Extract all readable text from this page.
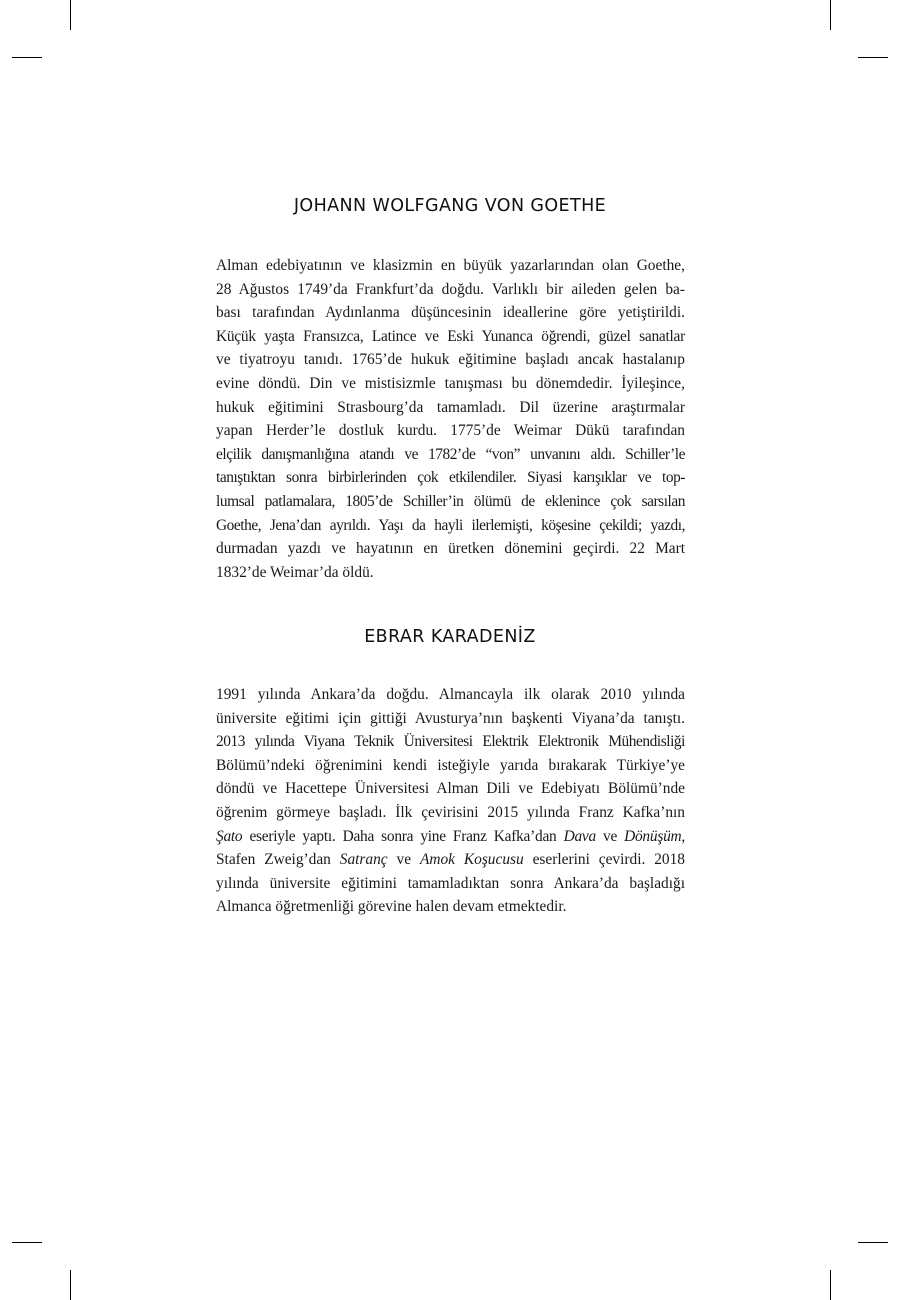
JOHANN WOLFGANG VON GOETHE
Alman edebiyatının ve klasizmin en büyük yazarlarından olan Goethe,
28 Ağustos 1749’da Frankfurt’da doğdu. Varlıklı bir aileden gelen ba-
bası tarafından Aydınlanma düşüncesinin ideallerine göre yetiştirildi.
Küçük yaşta Fransızca, Latince ve Eski Yunanca öğrendi, güzel sanatlar
ve tiyatroyu tanıdı. 1765’de hukuk eğitimine başladı ancak hastalanıp
evine döndü. Din ve mistisizmle tanışması bu dönemdedir. İyileşince,
hukuk eğitimini Strasbourg’da tamamladı. Dil üzerine araştırmalar
yapan Herder’le dostluk kurdu. 1775’de Weimar Dükü tarafından
elçilik danışmanlığına atandı ve 1782’de “von” unvanını aldı. Schiller’le
tanıştıktan sonra birbirlerinden çok etkilendiler. Siyasi karışıklar ve top-
lumsal patlamalara, 1805’de Schiller’in ölümü de eklenince çok sarsılan
Goethe, Jena’dan ayrıldı. Yaşı da hayli ilerlemişti, köşesine çekildi; yazdı,
durmadan yazdı ve hayatının en üretken dönemini geçirdi. 22 Mart
1832’de Weimar’da öldü.
EBRAR KARADENİZ
1991 yılında Ankara’da doğdu. Almancayla ilk olarak 2010 yılında
üniversite eğitimi için gittiği Avusturya’nın başkenti Viyana’da tanıştı.
2013 yılında Viyana Teknik Üniversitesi Elektrik Elektronik Mühendisliği
Bölümü’ndeki öğrenimini kendi isteğiyle yarıda bırakarak Türkiye’ye
döndü ve Hacettepe Üniversitesi Alman Dili ve Edebiyatı Bölümü’nde
öğrenim görmeye başladı. İlk çevirisini 2015 yılında Franz Kafka’nın
Şato eseriyle yaptı. Daha sonra yine Franz Kafka’dan Dava ve Dönüşüm,
Stafen Zweig’dan Satranç ve Amok Koşucusu eserlerini çevirdi. 2018
yılında üniversite eğitimini tamamladıktan sonra Ankara’da başladığı
Almanca öğretmenliği görevine halen devam etmektedir.
